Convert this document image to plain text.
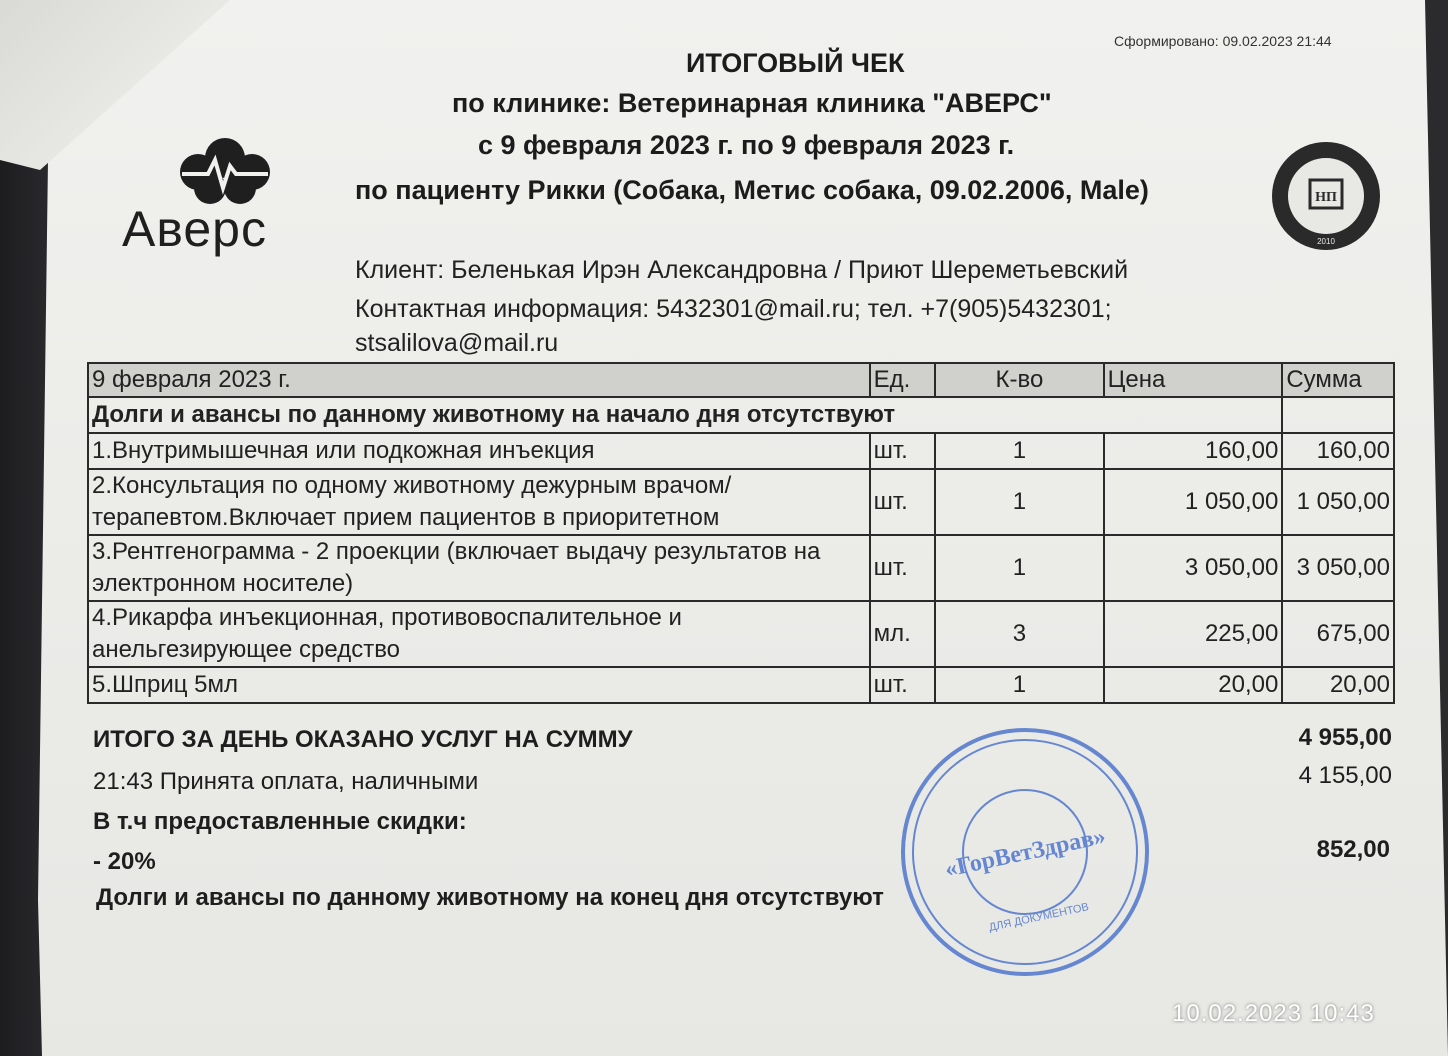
Сформировано: 09.02.2023 21:44
ИТОГОВЫЙ ЧЕК
по клинике: Ветеринарная клиника "АВЕРС"
с 9 февраля 2023 г. по 9 февраля 2023 г.
по пациенту Рикки (Собака, Метис собака, 09.02.2006, Male)
Клиент: Беленькая Ирэн Александровна / Приют Шереметьевский
Контактная информация: 5432301@mail.ru; тел. +7(905)5432301; stsalilova@mail.ru
Аверс
НП
2010
9 февраля 2023 г.	Ед.	К-во	Цена	Сумма
Долги и авансы по данному животному на начало дня отсутствуют				
1.Внутримышечная или подкожная инъекция	шт.	1	160,00	160,00
2.Консультация по одному животному дежурным врачом/ терапевтом.Включает прием пациентов в приоритетном	шт.	1	1 050,00	1 050,00
3.Рентгенограмма - 2 проекции (включает выдачу результатов на электронном носителе)	шт.	1	3 050,00	3 050,00
4.Рикарфа инъекционная, противовоспалительное и анельгезирующее средство	мл.	3	225,00	675,00
5.Шприц 5мл	шт.	1	20,00	20,00
ИТОГО ЗА ДЕНЬ ОКАЗАНО УСЛУГ НА СУММУ	4 955,00
21:43 Принята оплата, наличными	4 155,00
В т.ч предоставленные скидки:
- 20%	852,00
Долги и авансы по данному животному на конец дня отсутствуют
«ГорВетЗдрав»
ДЛЯ ДОКУМЕНТОВ
10.02.2023 10:43
